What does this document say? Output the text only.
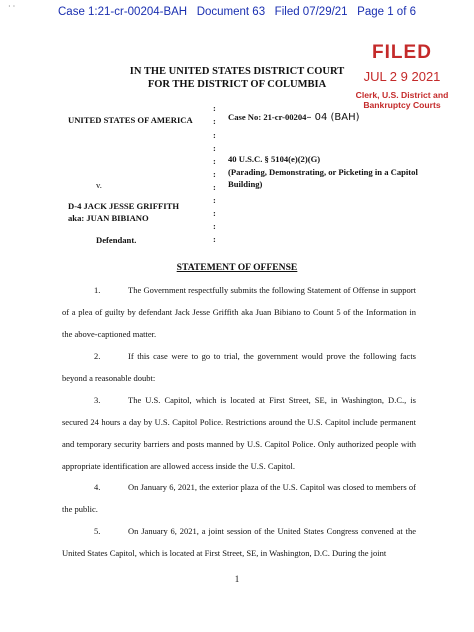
· ·	Case 1:21-cr-00204-BAH   Document 63   Filed 07/29/21   Page 1 of 6
IN THE UNITED STATES DISTRICT COURT
FOR THE DISTRICT OF COLUMBIA
FILED
JUL 2 9 2021
Clerk, U.S. District and
Bankruptcy Courts
UNITED STATES OF AMERICA
v.
D-4 JACK JESSE GRIFFITH
aka: JUAN BIBIANO
Defendant.
:
:
:
:
:
:
:
:
:
:
:
Case No: 21-cr-00204– 04 (BAH)
40 U.S.C. § 5104(e)(2)(G)
(Parading, Demonstrating, or Picketing in a Capitol Building)
STATEMENT OF OFFENSE
1.	The Government respectfully submits the following Statement of Offense in support of a plea of guilty by defendant Jack Jesse Griffith aka Juan Bibiano to Count 5 of the Information in the above-captioned matter.
2.	If this case were to go to trial, the government would prove the following facts beyond a reasonable doubt:
3.	The U.S. Capitol, which is located at First Street, SE, in Washington, D.C., is secured 24 hours a day by U.S. Capitol Police. Restrictions around the U.S. Capitol include permanent and temporary security barriers and posts manned by U.S. Capitol Police. Only authorized people with appropriate identification are allowed access inside the U.S. Capitol.
4.	On January 6, 2021, the exterior plaza of the U.S. Capitol was closed to members of the public.
5.	On January 6, 2021, a joint session of the United States Congress convened at the United States Capitol, which is located at First Street, SE, in Washington, D.C. During the joint
1
